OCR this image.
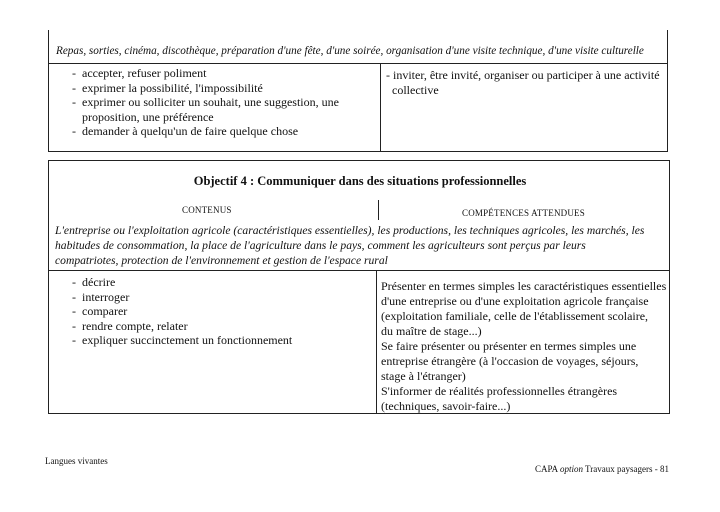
Repas, sorties, cinéma, discothèque, préparation d'une fête, d'une soirée, organisation d'une visite technique, d'une visite culturelle
- accepter, refuser poliment
- exprimer la possibilité, l'impossibilité
- exprimer ou solliciter un souhait, une suggestion, une
proposition, une préférence
- demander à quelqu'un de faire quelque chose
- inviter, être invité, organiser ou participer à une activité
collective
Objectif 4 : Communiquer dans des situations professionnelles
CONTENUS	COMPÉTENCES ATTENDUES
L'entreprise ou l'exploitation agricole (caractéristiques essentielles), les productions, les techniques agricoles, les marchés, les
habitudes de consommation, la place de l'agriculture dans le pays, comment les agriculteurs sont perçus par leurs
compatriotes, protection de l'environnement et gestion de l'espace rural
- décrire
- interroger
- comparer
- rendre compte, relater
- expliquer succinctement un fonctionnement
Présenter en termes simples les caractéristiques essentielles
d'une entreprise ou d'une exploitation agricole française
(exploitation familiale, celle de l'établissement scolaire,
du maître de stage...)
Se faire présenter ou présenter en termes simples une
entreprise étrangère (à l'occasion de voyages, séjours,
stage à l'étranger)
S'informer de réalités professionnelles étrangères
(techniques, savoir-faire...)
Langues vivantes
CAPA option Travaux paysagers - 81
